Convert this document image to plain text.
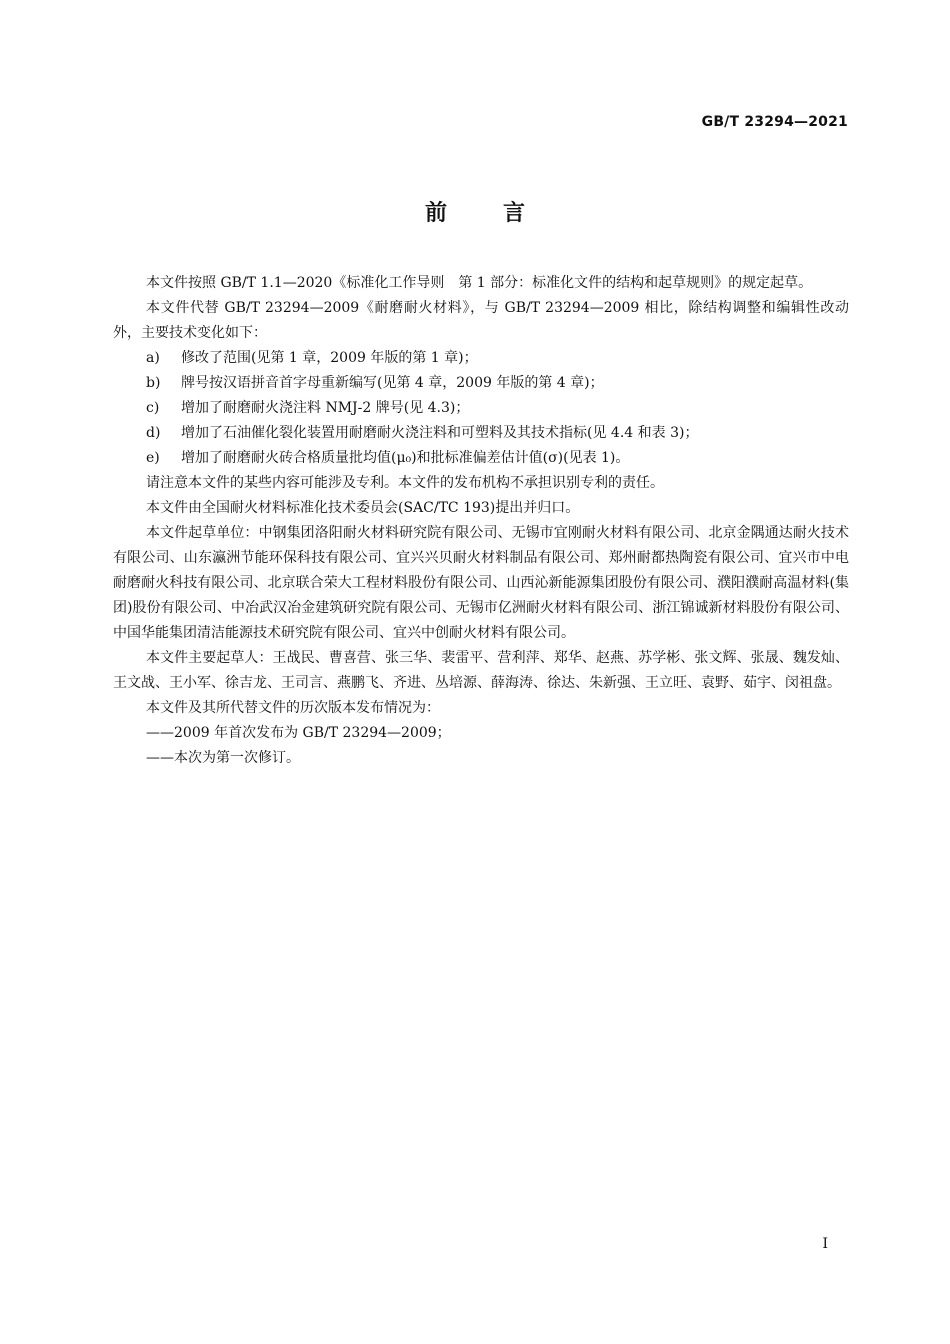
GB/T 23294—2021
前言

本文件按照 GB/T 1.1—2020《标准化工作导则　第 1 部分：标准化文件的结构和起草规则》的规定起草。

本文件代替 GB/T 23294—2009《耐磨耐火材料》，与 GB/T 23294—2009 相比，除结构调整和编辑性改动外，主要技术变化如下：

a) 修改了范围(见第 1 章，2009 年版的第 1 章)；

b) 牌号按汉语拼音首字母重新编写(见第 4 章，2009 年版的第 4 章)；

c) 增加了耐磨耐火浇注料 NMJ-2 牌号(见 4.3)；

d) 增加了石油催化裂化装置用耐磨耐火浇注料和可塑料及其技术指标(见 4.4 和表 3)；

e) 增加了耐磨耐火砖合格质量批均值(μ₀)和批标准偏差估计值(σ)(见表 1)。

请注意本文件的某些内容可能涉及专利。本文件的发布机构不承担识别专利的责任。

本文件由全国耐火材料标准化技术委员会(SAC/TC 193)提出并归口。

本文件起草单位：中钢集团洛阳耐火材料研究院有限公司、无锡市宜刚耐火材料有限公司、北京金隅通达耐火技术有限公司、山东瀛洲节能环保科技有限公司、宜兴兴贝耐火材料制品有限公司、郑州耐都热陶瓷有限公司、宜兴市中电耐磨耐火科技有限公司、北京联合荣大工程材料股份有限公司、山西沁新能源集团股份有限公司、濮阳濮耐高温材料(集团)股份有限公司、中冶武汉冶金建筑研究院有限公司、无锡市亿洲耐火材料有限公司、浙江锦诚新材料股份有限公司、中国华能集团清洁能源技术研究院有限公司、宜兴中创耐火材料有限公司。

本文件主要起草人：王战民、曹喜营、张三华、裴雷平、营利萍、郑华、赵燕、苏学彬、张文辉、张晟、魏发灿、王文战、王小军、徐吉龙、王司言、燕鹏飞、齐进、丛培源、薛海涛、徐达、朱新强、王立旺、袁野、茹宇、闵祖盘。

本文件及其所代替文件的历次版本发布情况为：

——2009 年首次发布为 GB/T 23294—2009；

——本次为第一次修订。

I
